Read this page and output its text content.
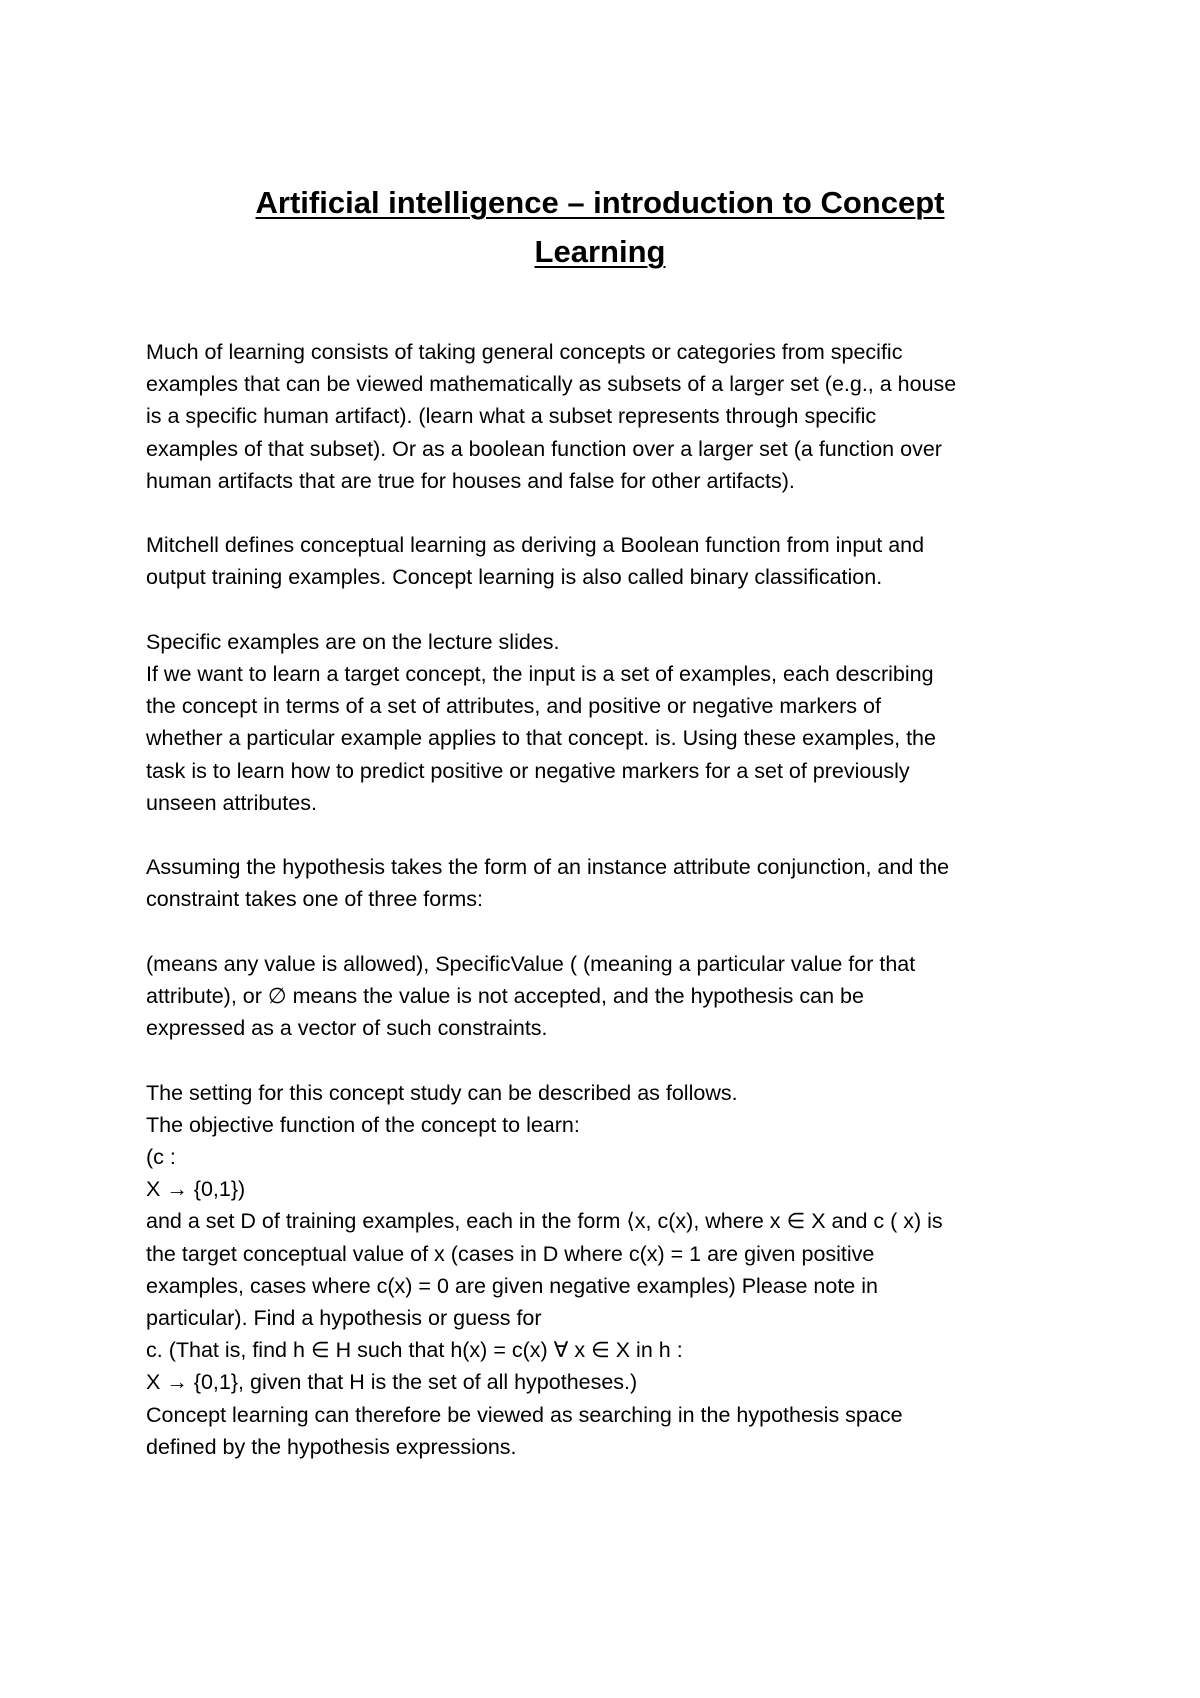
Artificial intelligence – introduction to Concept
Learning

Much of learning consists of taking general concepts or categories from specific
examples that can be viewed mathematically as subsets of a larger set (e.g., a house
is a specific human artifact). (learn what a subset represents through specific
examples of that subset). Or as a boolean function over a larger set (a function over
human artifacts that are true for houses and false for other artifacts).

Mitchell defines conceptual learning as deriving a Boolean function from input and
output training examples. Concept learning is also called binary classification.

Specific examples are on the lecture slides.
If we want to learn a target concept, the input is a set of examples, each describing
the concept in terms of a set of attributes, and positive or negative markers of
whether a particular example applies to that concept. is. Using these examples, the
task is to learn how to predict positive or negative markers for a set of previously
unseen attributes.

Assuming the hypothesis takes the form of an instance attribute conjunction, and the
constraint takes one of three forms:

(means any value is allowed), SpecificValue ( (meaning a particular value for that
attribute), or ∅ means the value is not accepted, and the hypothesis can be
expressed as a vector of such constraints.

The setting for this concept study can be described as follows.
The objective function of the concept to learn:
(c :
X → {0,1})
and a set D of training examples, each in the form ⟨x, c(x), where x ∈ X and c ( x) is
the target conceptual value of x (cases in D where c(x) = 1 are given positive
examples, cases where c(x) = 0 are given negative examples) Please note in
particular). Find a hypothesis or guess for
c. (That is, find h ∈ H such that h(x) = c(x) ∀ x ∈ X in h :
X → {0,1}, given that H is the set of all hypotheses.)
Concept learning can therefore be viewed as searching in the hypothesis space
defined by the hypothesis expressions.
